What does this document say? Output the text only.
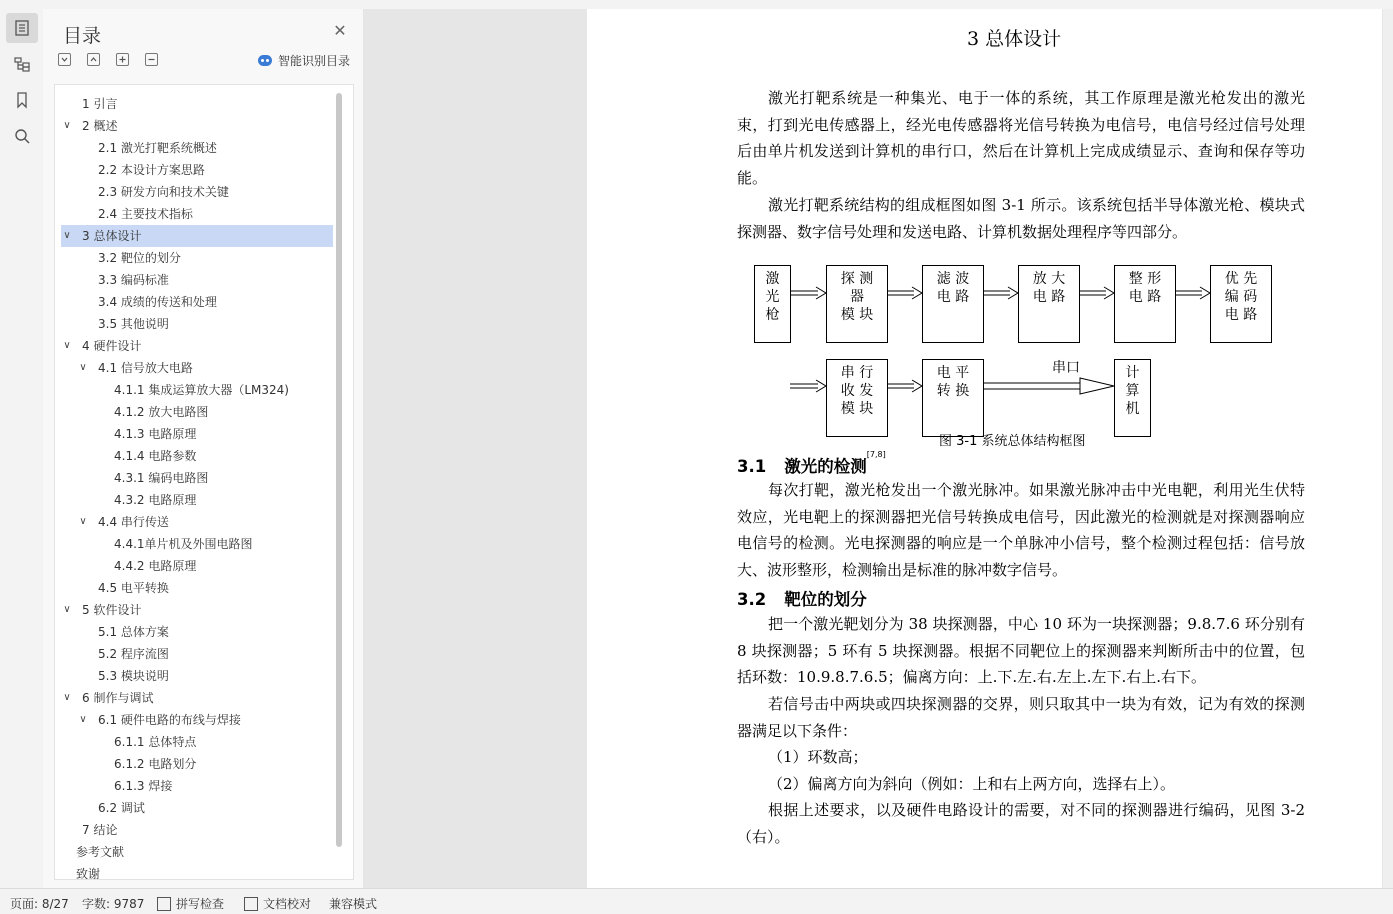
目录	✕

智能识别目录
致谢
参考文献
7 结论
6.2 调试
6.1.3 焊接
6.1.2 电路划分
6.1.1 总体特点
∨ 6.1 硬件电路的布线与焊接
∨ 6 制作与调试
5.3 模块说明
5.2 程序流图
5.1 总体方案
∨ 5 软件设计
4.5 电平转换
4.4.2 电路原理
4.4.1单片机及外围电路图
∨ 4.4 串行传送
4.3.2 电路原理
4.3.1 编码电路图
4.1.4 电路参数
4.1.3 电路原理
4.1.2 放大电路图
4.1.1 集成运算放大器（LM324)
∨ 4.1 信号放大电路
∨ 4 硬件设计
3.5 其他说明
3.4 成绩的传送和处理
3.3 编码标准
3.2 靶位的划分
∨ 3 总体设计
2.4 主要技术指标
2.3 研发方向和技术关键
2.2 本设计方案思路
2.1 激光打靶系统概述
∨ 2 概述
1 引言
3 总体设计
激光打靶系统是一种集光、电于一体的系统，其工作原理是激光枪发出的激光束，打到光电传感器上，经光电传感器将光信号转换为电信号，电信号经过信号处理后由单片机发送到计算机的串行口，然后在计算机上完成成绩显示、查询和保存等功能。
激光打靶系统结构的组成框图如图 3-1 所示。该系统包括半导体激光枪、模块式探测器、数字信号处理和发送电路、计算机数据处理程序等四部分。
激
光
枪
探 测
器
模 块
滤 波
电 路
放 大
电 路
整 形
电 路
优 先
编 码
电 路
串 行
收 发
模 块
电 平
转 换
计
算
机
串口
图 3-1 系统总体结构框图
3.1 激光的检测[7,8]
每次打靶，激光枪发出一个激光脉冲。如果激光脉冲击中光电靶，利用光生伏特效应，光电靶上的探测器把光信号转换成电信号，因此激光的检测就是对探测器响应电信号的检测。光电探测器的响应是一个单脉冲小信号，整个检测过程包括：信号放大、波形整形，检测输出是标准的脉冲数字信号。
3.2 靶位的划分
把一个激光靶划分为 38 块探测器，中心 10 环为一块探测器；9.8.7.6 环分别有 8 块探测器；5 环有 5 块探测器。根据不同靶位上的探测器来判断所击中的位置，包括环数：10.9.8.7.6.5；偏离方向：上.下.左.右.左上.左下.右上.右下。
若信号击中两块或四块探测器的交界，则只取其中一块为有效，记为有效的探测器满足以下条件：
（1）环数高；
（2）偏离方向为斜向（例如：上和右上两方向，选择右上）。
根据上述要求，以及硬件电路设计的需要，对不同的探测器进行编码，见图 3-2（右）。
页面: 8/27 字数: 9787	拼写检查	文档校对 兼容模式
